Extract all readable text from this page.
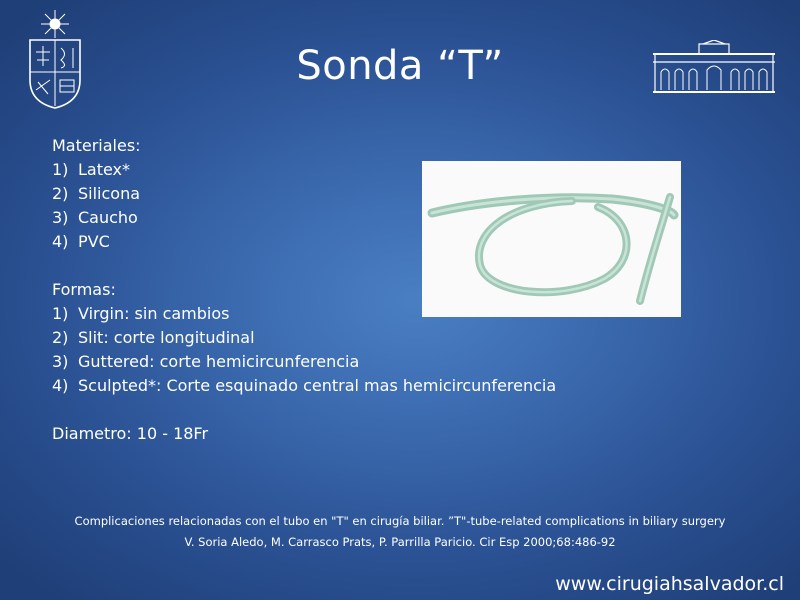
Sonda “T”

Materiales:

1) Latex*

2) Silicona

3) Caucho

4) PVC

Formas:

1) Virgin: sin cambios

2) Slit: corte longitudinal

3) Guttered: corte hemicircunferencia

4) Sculpted*: Corte esquinado central mas hemicircunferencia

Diametro: 10 - 18Fr

Complicaciones relacionadas con el tubo en "T" en cirugía biliar. ”T"-tube-related complications in biliary surgery

V. Soria Aledo, M. Carrasco Prats, P. Parrilla Paricio. Cir Esp 2000;68:486-92

www.cirugiahsalvador.cl
